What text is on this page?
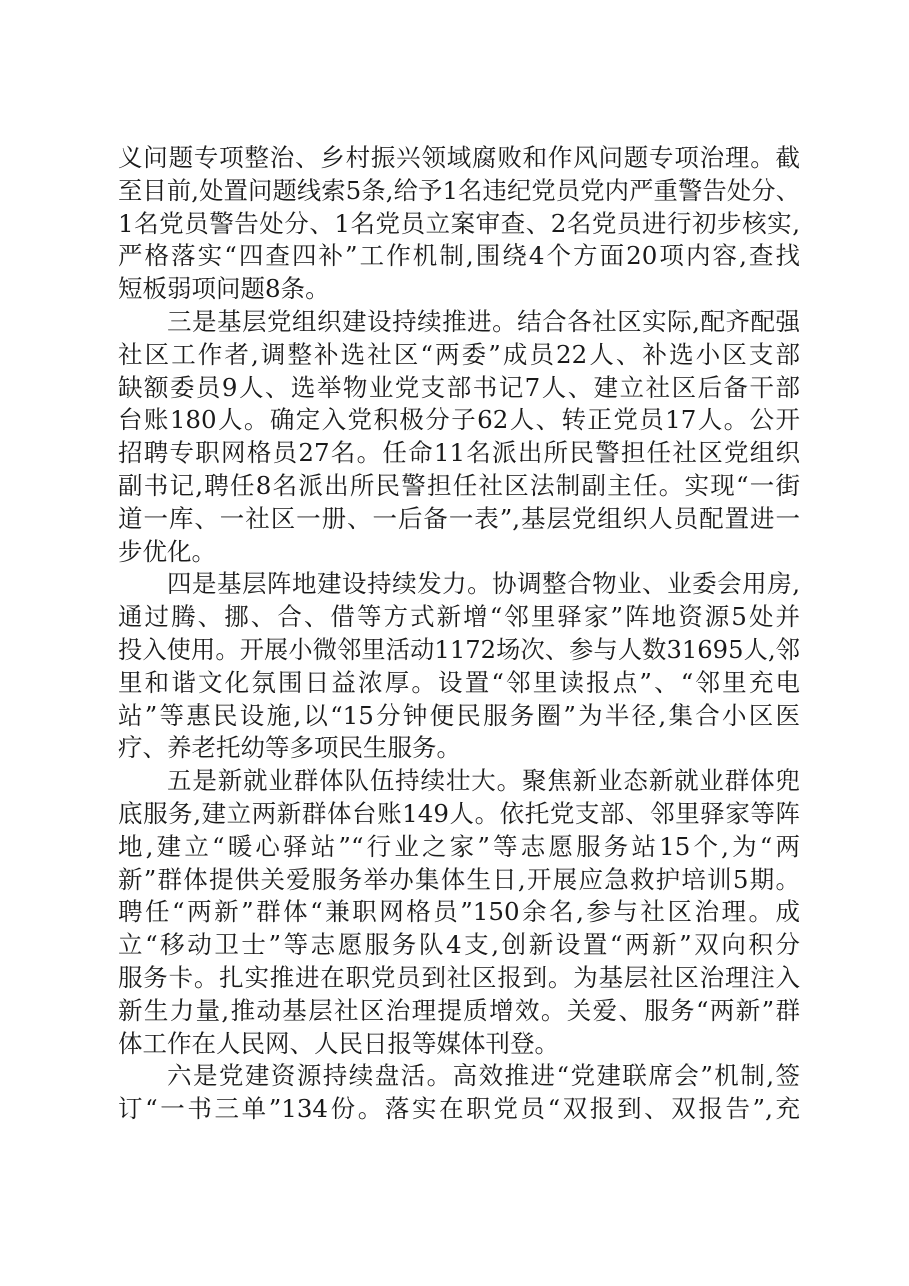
义问题专项整治、乡村振兴领域腐败和作风问题专项治理。截
至目前,处置问题线索5条,给予1名违纪党员党内严重警告处分、
1名党员警告处分、1名党员立案审查、2名党员进行初步核实,
严格落实“四查四补”工作机制,围绕4个方面20项内容,查找
短板弱项问题8条。
三是基层党组织建设持续推进。结合各社区实际,配齐配强
社区工作者,调整补选社区“两委”成员22人、补选小区支部
缺额委员9人、选举物业党支部书记7人、建立社区后备干部
台账180人。确定入党积极分子62人、转正党员17人。公开
招聘专职网格员27名。任命11名派出所民警担任社区党组织
副书记,聘任8名派出所民警担任社区法制副主任。实现“一街
道一库、一社区一册、一后备一表”,基层党组织人员配置进一
步优化。
四是基层阵地建设持续发力。协调整合物业、业委会用房,
通过腾、挪、合、借等方式新增“邻里驿家”阵地资源5处并
投入使用。开展小微邻里活动1172场次、参与人数31695人,邻
里和谐文化氛围日益浓厚。设置“邻里读报点”、“邻里充电
站”等惠民设施,以“15分钟便民服务圈”为半径,集合小区医
疗、养老托幼等多项民生服务。
五是新就业群体队伍持续壮大。聚焦新业态新就业群体兜
底服务,建立两新群体台账149人。依托党支部、邻里驿家等阵
地,建立“暖心驿站”“行业之家”等志愿服务站15个,为“两
新”群体提供关爱服务举办集体生日,开展应急救护培训5期。
聘任“两新”群体“兼职网格员”150余名,参与社区治理。成
立“移动卫士”等志愿服务队4支,创新设置“两新”双向积分
服务卡。扎实推进在职党员到社区报到。为基层社区治理注入
新生力量,推动基层社区治理提质增效。关爱、服务“两新”群
体工作在人民网、人民日报等媒体刊登。
六是党建资源持续盘活。高效推进“党建联席会”机制,签
订“一书三单”134份。落实在职党员“双报到、双报告”,充
